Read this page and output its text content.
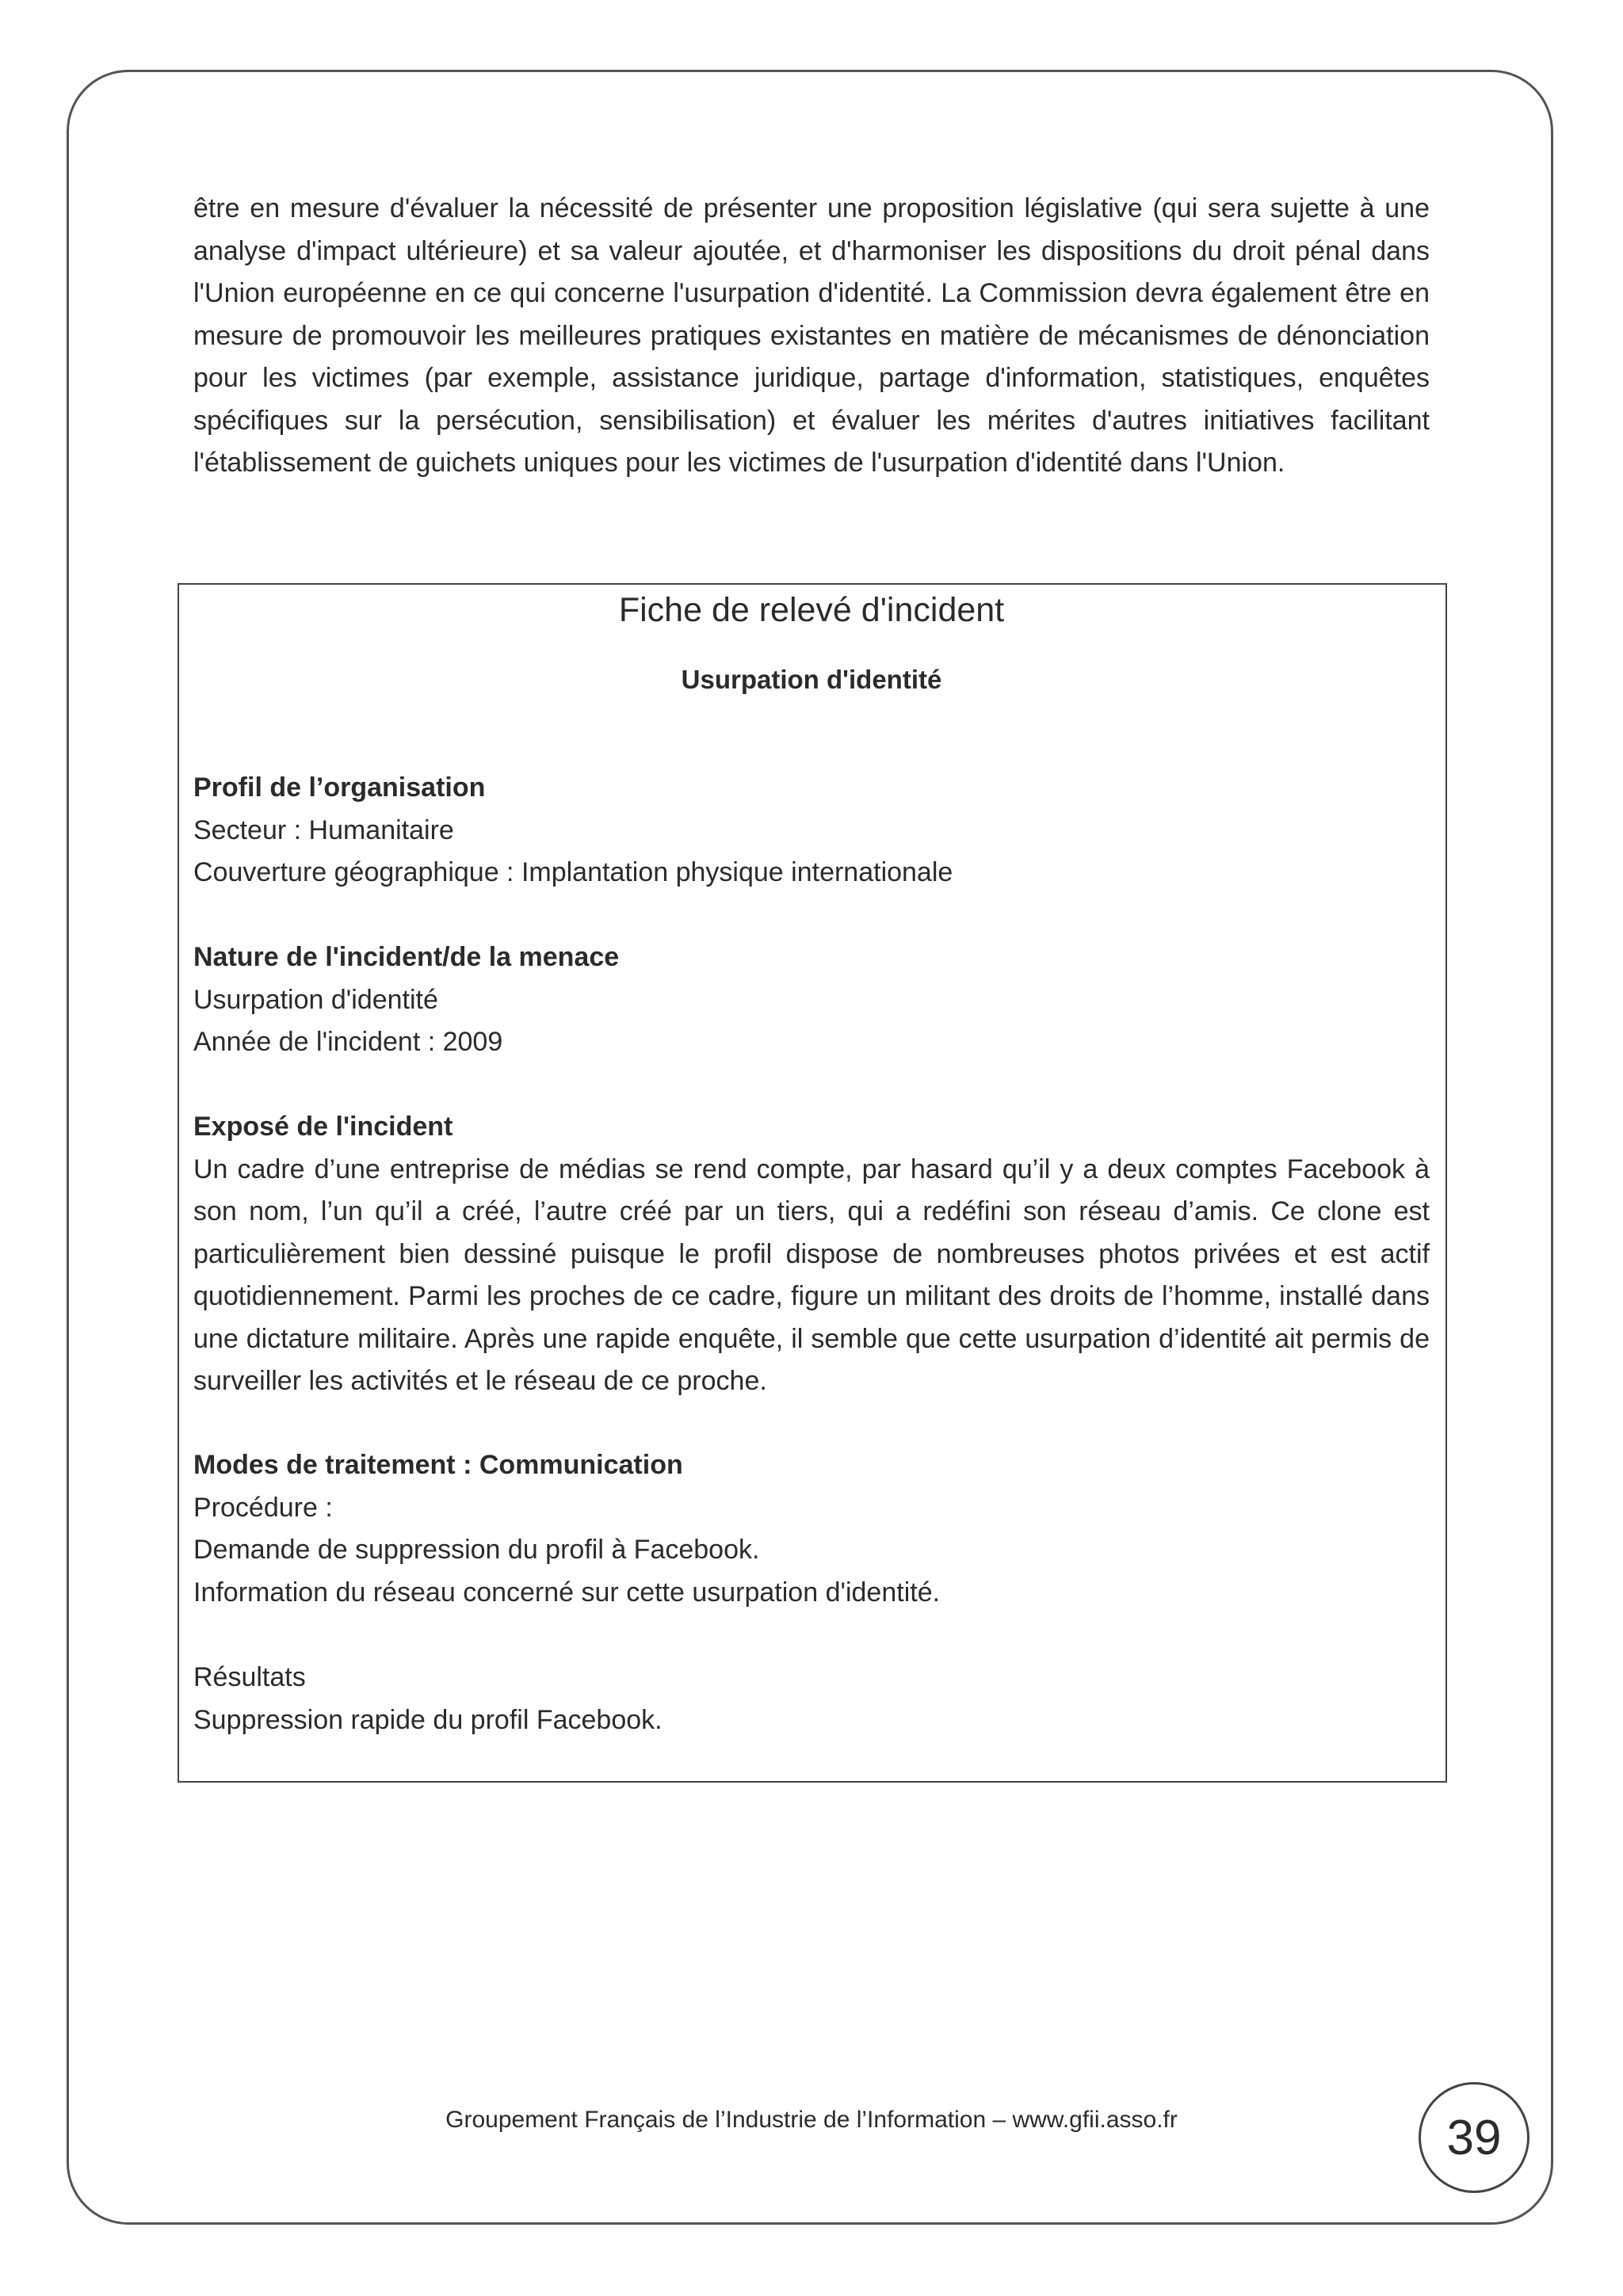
être en mesure d'évaluer la nécessité de présenter une proposition législative (qui sera sujette à une analyse d'impact ultérieure) et sa valeur ajoutée, et d'harmoniser les dispositions du droit pénal dans l'Union européenne en ce qui concerne l'usurpation d'identité. La Commission devra également être en mesure de promouvoir les meilleures pratiques existantes en matière de mécanismes de dénonciation pour les victimes (par exemple, assistance juridique, partage d'information, statistiques, enquêtes spécifiques sur la persécution, sensibilisation) et évaluer les mérites d'autres initiatives facilitant l'établissement de guichets uniques pour les victimes de l'usurpation d'identité dans l'Union.

Fiche de relevé d'incident
Usurpation d'identité
Profil de l’organisation
Secteur : Humanitaire
Couverture géographique : Implantation physique internationale
Nature de l'incident/de la menace
Usurpation d'identité
Année de l'incident : 2009
Exposé de l'incident
Un cadre d’une entreprise de médias se rend compte, par hasard qu’il y a deux comptes Facebook à son nom, l’un qu’il a créé, l’autre créé par un tiers, qui a redéfini son réseau d’amis. Ce clone est particulièrement bien dessiné puisque le profil dispose de nombreuses photos privées et est actif quotidiennement. Parmi les proches de ce cadre, figure un militant des droits de l’homme, installé dans une dictature militaire. Après une rapide enquête, il semble que cette usurpation d’identité ait permis de surveiller les activités et le réseau de ce proche.
Modes de traitement : Communication
Procédure :
Demande de suppression du profil à Facebook.
Information du réseau concerné sur cette usurpation d'identité.
Résultats
Suppression rapide du profil Facebook.

Groupement Français de l’Industrie de l’Information – www.gfii.asso.fr	39
